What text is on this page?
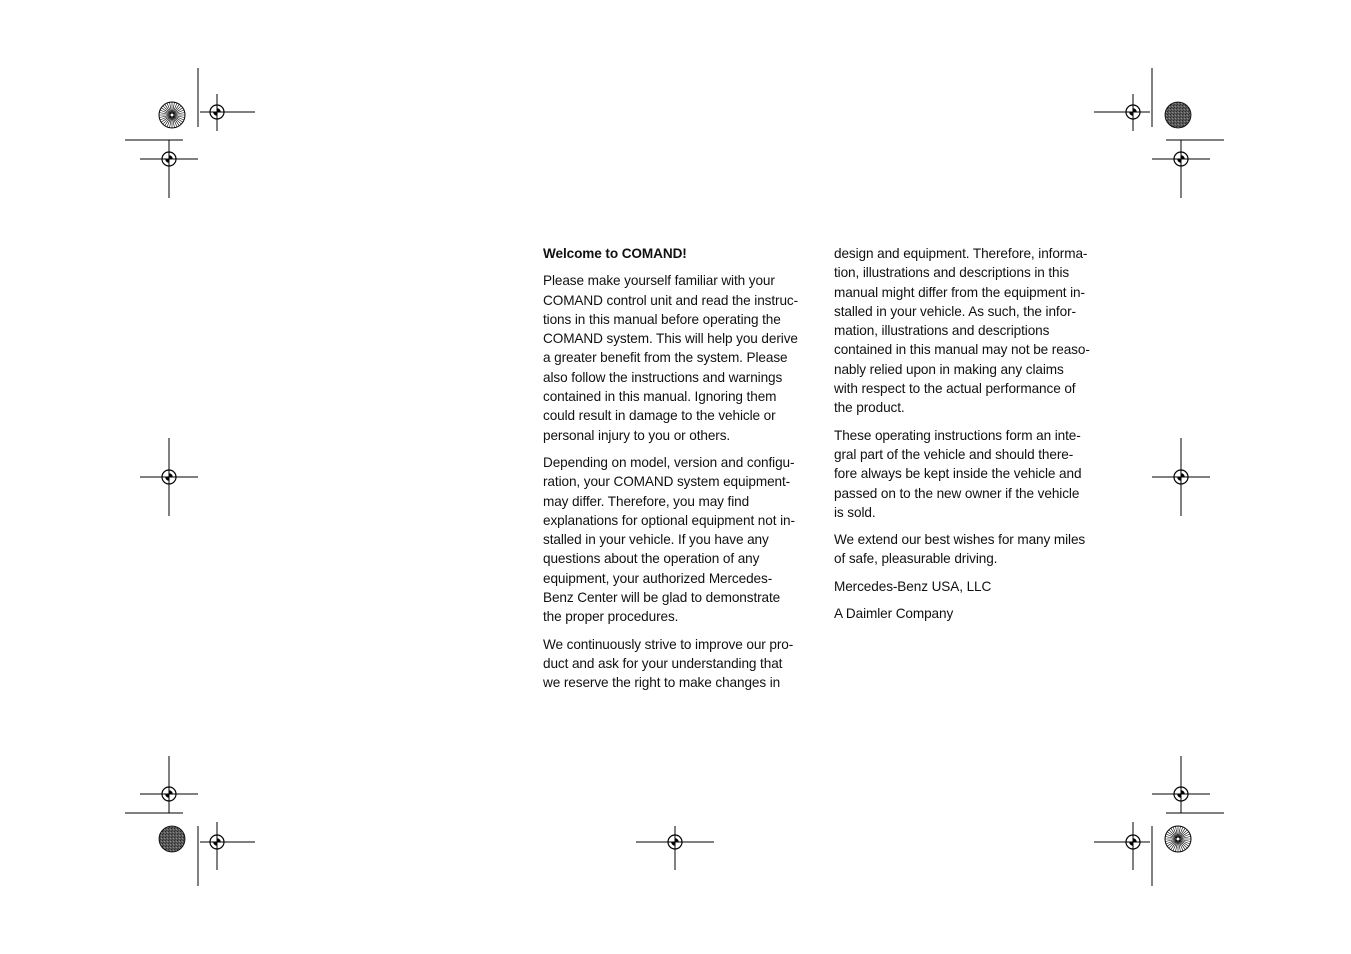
Welcome to COMAND!

Please make yourself familiar with your
COMAND control unit and read the instruc-
tions in this manual before operating the
COMAND system. This will help you derive
a greater benefit from the system. Please
also follow the instructions and warnings
contained in this manual. Ignoring them
could result in damage to the vehicle or
personal injury to you or others.

Depending on model, version and configu-
ration, your COMAND system equipment-
may differ. Therefore, you may find
explanations for optional equipment not in-
stalled in your vehicle. If you have any
questions about the operation of any
equipment, your authorized Mercedes-
Benz Center will be glad to demonstrate
the proper procedures.

We continuously strive to improve our pro-
duct and ask for your understanding that
we reserve the right to make changes in

design and equipment. Therefore, informa-
tion, illustrations and descriptions in this
manual might differ from the equipment in-
stalled in your vehicle. As such, the infor-
mation, illustrations and descriptions
contained in this manual may not be reaso-
nably relied upon in making any claims
with respect to the actual performance of
the product.

These operating instructions form an inte-
gral part of the vehicle and should there-
fore always be kept inside the vehicle and
passed on to the new owner if the vehicle
is sold.

We extend our best wishes for many miles
of safe, pleasurable driving.

Mercedes-Benz USA, LLC

A Daimler Company
